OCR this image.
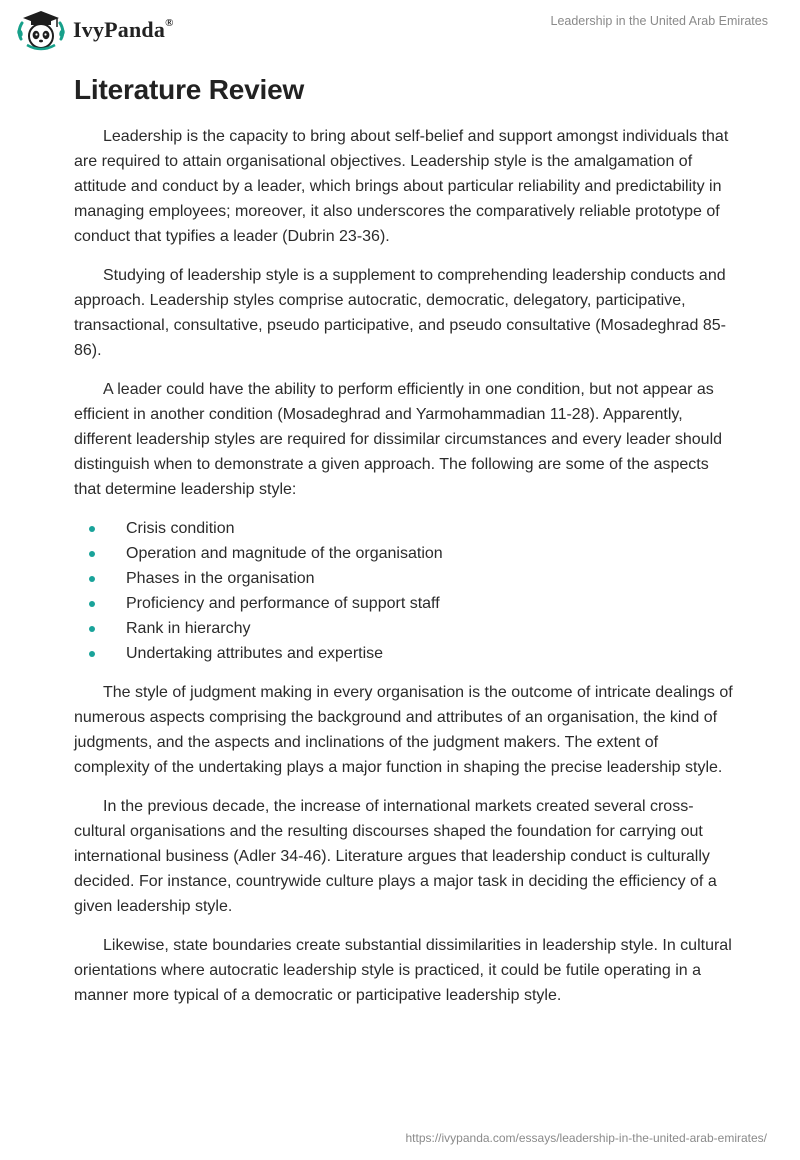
IvyPanda®	Leadership in the United Arab Emirates
Literature Review

Leadership is the capacity to bring about self-belief and support amongst individuals that are required to attain organisational objectives. Leadership style is the amalgamation of attitude and conduct by a leader, which brings about particular reliability and predictability in managing employees; moreover, it also underscores the comparatively reliable prototype of conduct that typifies a leader (Dubrin 23-36).

Studying of leadership style is a supplement to comprehending leadership conducts and approach. Leadership styles comprise autocratic, democratic, delegatory, participative, transactional, consultative, pseudo participative, and pseudo consultative (Mosadeghrad 85-86).

A leader could have the ability to perform efficiently in one condition, but not appear as efficient in another condition (Mosadeghrad and Yarmohammadian 11-28). Apparently, different leadership styles are required for dissimilar circumstances and every leader should distinguish when to demonstrate a given approach. The following are some of the aspects that determine leadership style:

Crisis condition
Operation and magnitude of the organisation
Phases in the organisation
Proficiency and performance of support staff
Rank in hierarchy
Undertaking attributes and expertise

The style of judgment making in every organisation is the outcome of intricate dealings of numerous aspects comprising the background and attributes of an organisation, the kind of judgments, and the aspects and inclinations of the judgment makers. The extent of complexity of the undertaking plays a major function in shaping the precise leadership style.

In the previous decade, the increase of international markets created several cross-cultural organisations and the resulting discourses shaped the foundation for carrying out international business (Adler 34-46). Literature argues that leadership conduct is culturally decided. For instance, countrywide culture plays a major task in deciding the efficiency of a given leadership style.

Likewise, state boundaries create substantial dissimilarities in leadership style. In cultural orientations where autocratic leadership style is practiced, it could be futile operating in a manner more typical of a democratic or participative leadership style.

https://ivypanda.com/essays/leadership-in-the-united-arab-emirates/
